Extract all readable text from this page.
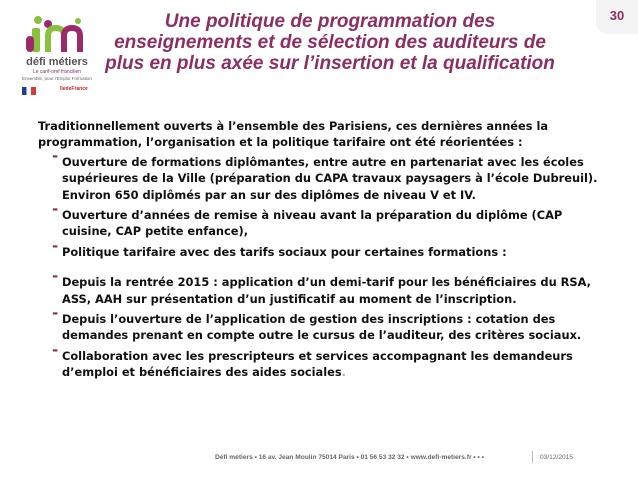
défi métiers
Le carif-oref francilien
Ensemble, pour l'Emploi Formation
IledeFrance
Une politique de programmation des enseignements et de sélection des auditeurs de plus en plus axée sur l’insertion et la qualification
30

Traditionnellement ouverts à l’ensemble des Parisiens, ces dernières années la programmation, l’organisation et la politique tarifaire ont été réorientées :

- Ouverture de formations diplômantes, entre autre en partenariat avec les écoles supérieures de la Ville (préparation du CAPA travaux paysagers à l’école Dubreuil). Environ 650 diplômés par an sur des diplômes de niveau V et IV.
- Ouverture d’années de remise à niveau avant la préparation du diplôme (CAP cuisine, CAP petite enfance),
- Politique tarifaire avec des tarifs sociaux pour certaines formations :
- Depuis la rentrée 2015 : application d’un demi-tarif pour les bénéficiaires du RSA, ASS, AAH sur présentation d’un justificatif au moment de l’inscription.
- Depuis l’ouverture de l’application de gestion des inscriptions : cotation des demandes prenant en compte outre le cursus de l’auditeur, des critères sociaux.
- Collaboration avec les prescripteurs et services accompagnant les demandeurs d’emploi et bénéficiaires des aides sociales.
Défi métiers • 16 av. Jean Moulin 75014 Paris • 01 56 53 32 32 • www.defi-metiers.fr • • •	03/12/2015
